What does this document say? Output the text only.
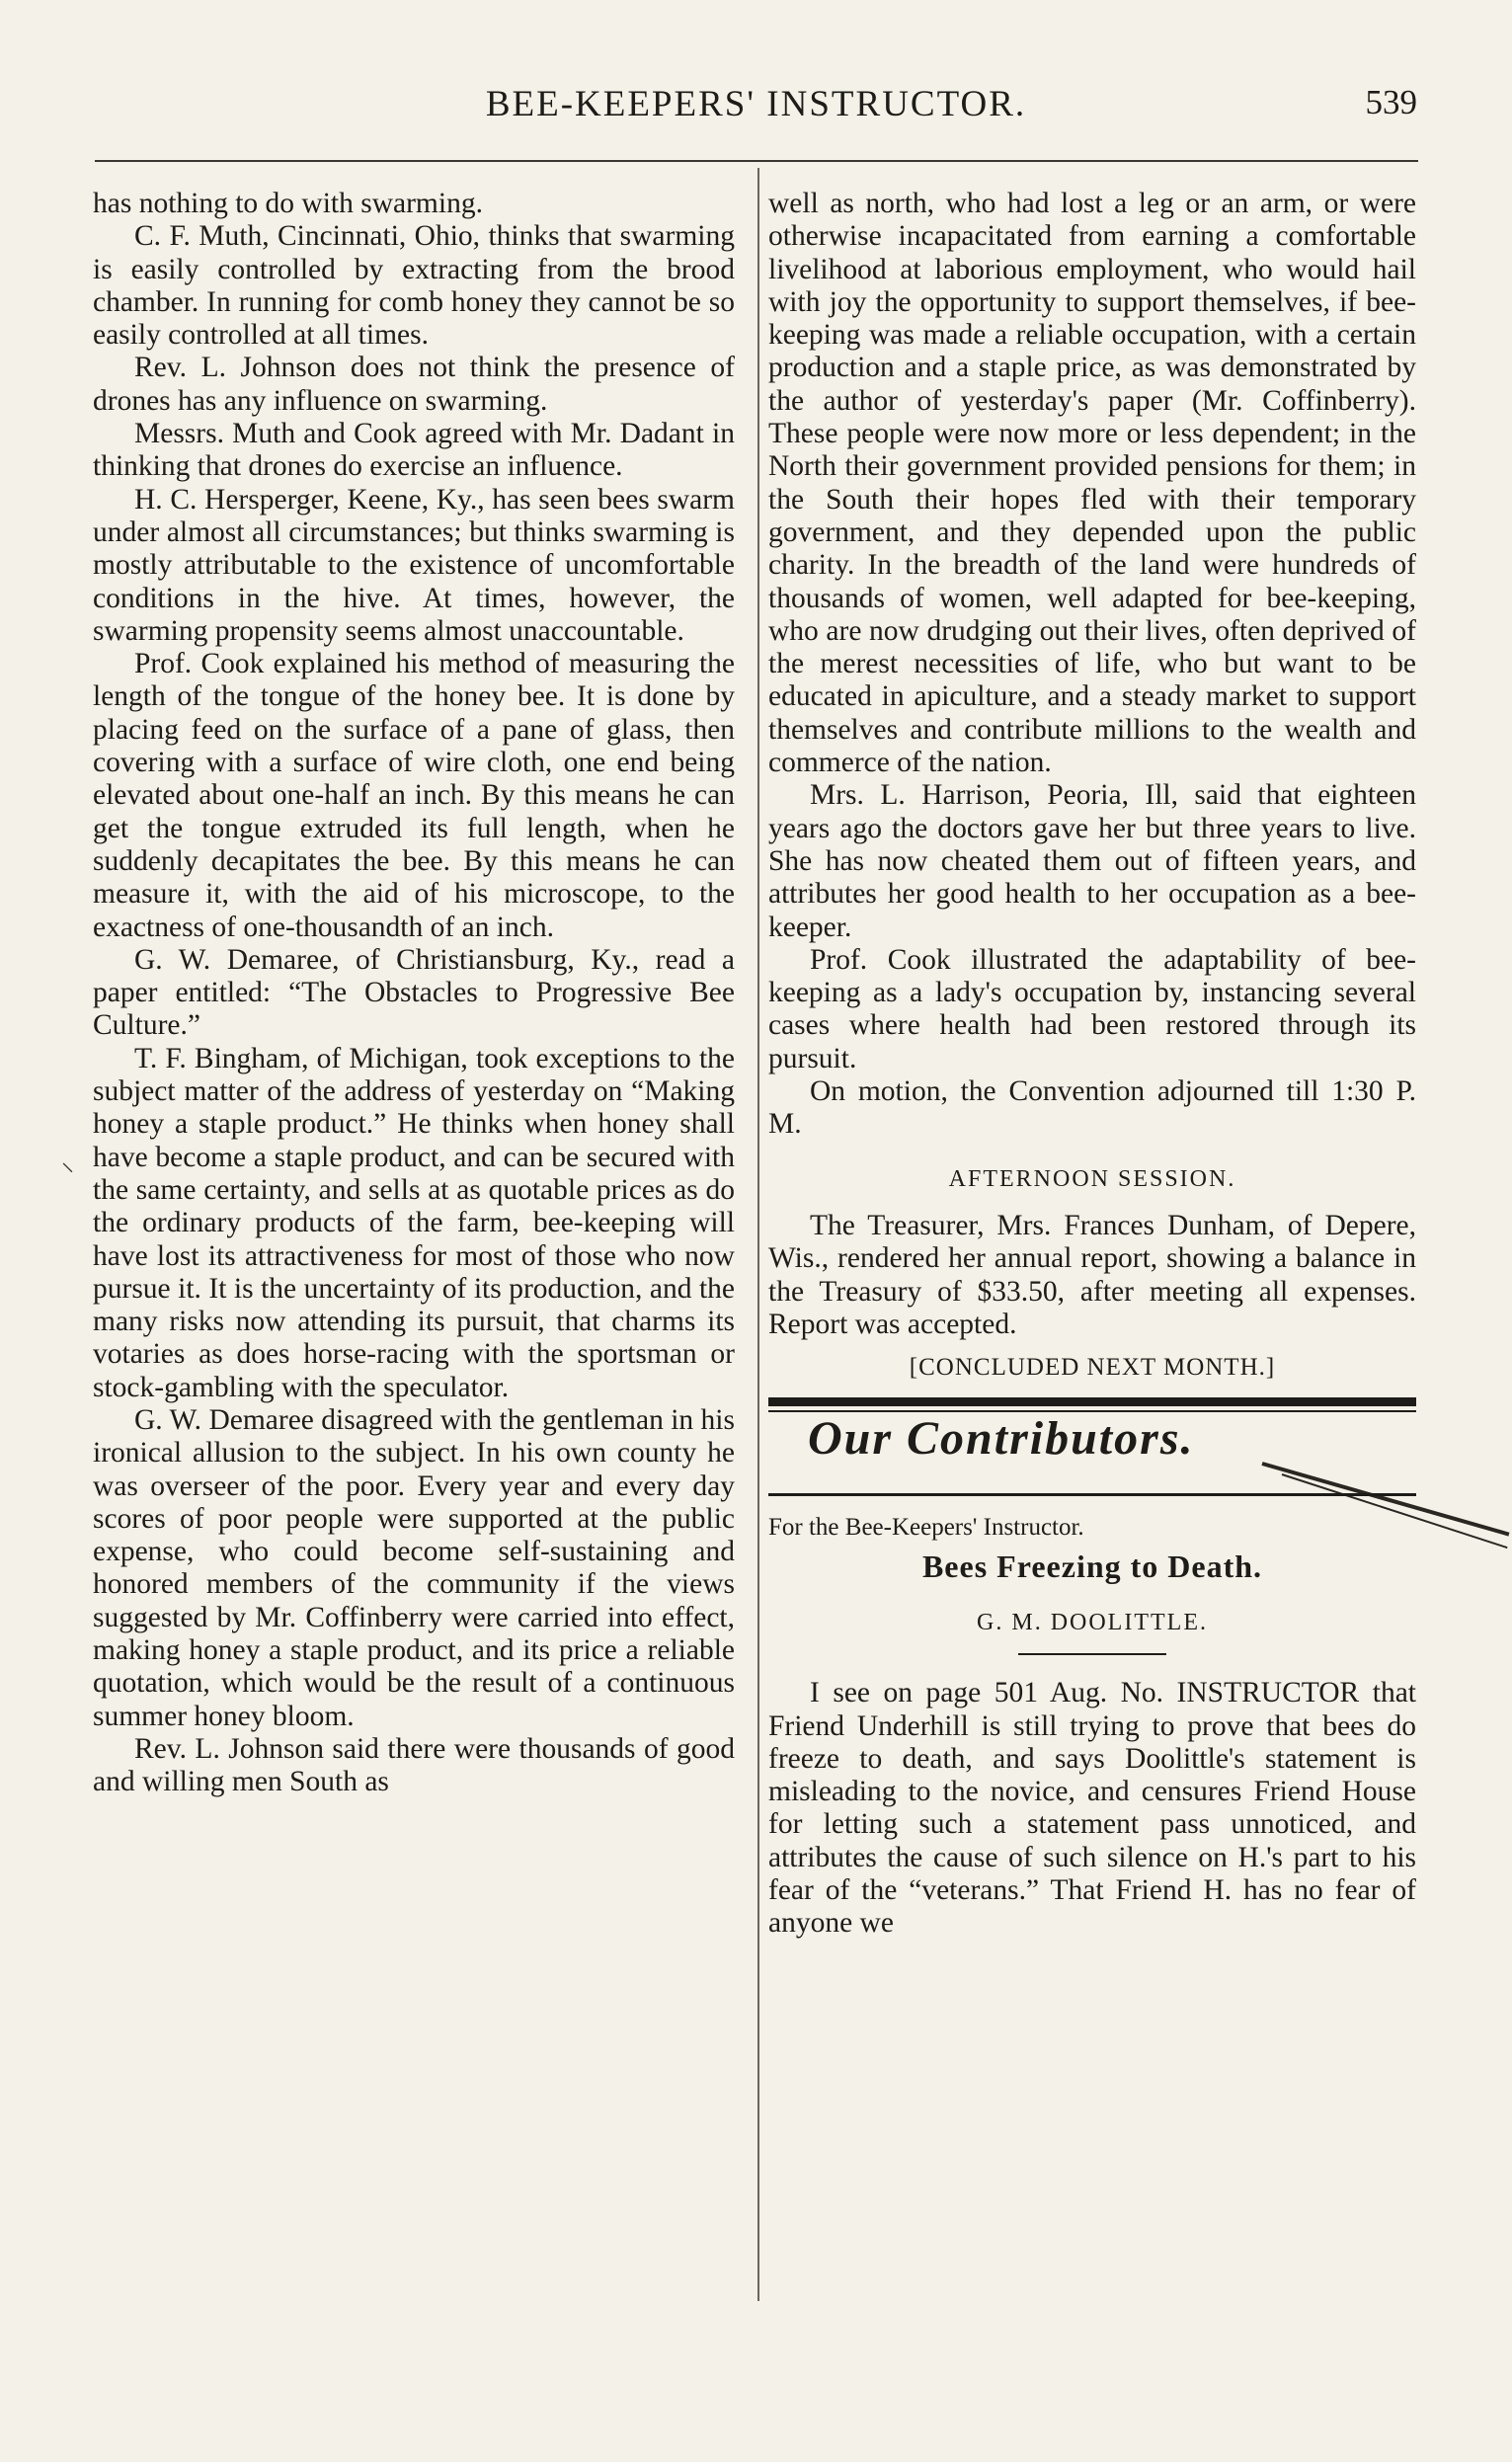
BEE-KEEPERS' INSTRUCTOR.	539
⸌

has nothing to do with swarming.

C. F. Muth, Cincinnati, Ohio, thinks that swarming is easily controlled by extracting from the brood chamber. In running for comb honey they cannot be so easily controlled at all times.

Rev. L. Johnson does not think the presence of drones has any influence on swarming.

Messrs. Muth and Cook agreed with Mr. Dadant in thinking that drones do exercise an influence.

H. C. Hersperger, Keene, Ky., has seen bees swarm under almost all circumstances; but thinks swarming is mostly attributable to the existence of uncomfortable conditions in the hive. At times, however, the swarming propensity seems almost unaccountable.

Prof. Cook explained his method of measuring the length of the tongue of the honey bee. It is done by placing feed on the surface of a pane of glass, then covering with a surface of wire cloth, one end being elevated about one-half an inch. By this means he can get the tongue extruded its full length, when he suddenly decapitates the bee. By this means he can measure it, with the aid of his microscope, to the exactness of one-thousandth of an inch.

G. W. Demaree, of Christiansburg, Ky., read a paper entitled: “The Obstacles to Progressive Bee Culture.”

T. F. Bingham, of Michigan, took exceptions to the subject matter of the address of yesterday on “Making honey a staple product.” He thinks when honey shall have become a staple product, and can be secured with the same certainty, and sells at as quotable prices as do the ordinary products of the farm, bee-keeping will have lost its attractiveness for most of those who now pursue it. It is the uncertainty of its production, and the many risks now attending its pursuit, that charms its votaries as does horse-racing with the sportsman or stock-gambling with the speculator.

G. W. Demaree disagreed with the gentleman in his ironical allusion to the subject. In his own county he was overseer of the poor. Every year and every day scores of poor people were supported at the public expense, who could become self-sustaining and honored members of the community if the views suggested by Mr. Coffinberry were carried into effect, making honey a staple product, and its price a reliable quotation, which would be the result of a continuous summer honey bloom.

Rev. L. Johnson said there were thousands of good and willing men South as

well as north, who had lost a leg or an arm, or were otherwise incapacitated from earning a comfortable livelihood at laborious employment, who would hail with joy the opportunity to support themselves, if bee-keeping was made a reliable occupation, with a certain production and a staple price, as was demonstrated by the author of yesterday's paper (Mr. Coffinberry). These people were now more or less dependent; in the North their government provided pensions for them; in the South their hopes fled with their temporary government, and they depended upon the public charity. In the breadth of the land were hundreds of thousands of women, well adapted for bee-keeping, who are now drudging out their lives, often deprived of the merest necessities of life, who but want to be educated in apiculture, and a steady market to support themselves and contribute millions to the wealth and commerce of the nation.

Mrs. L. Harrison, Peoria, Ill, said that eighteen years ago the doctors gave her but three years to live. She has now cheated them out of fifteen years, and attributes her good health to her occupation as a bee-keeper.

Prof. Cook illustrated the adaptability of bee-keeping as a lady's occupation by, instancing several cases where health had been restored through its pursuit.

On motion, the Convention adjourned till 1:30 P. M.

AFTERNOON SESSION.

The Treasurer, Mrs. Frances Dunham, of Depere, Wis., rendered her annual report, showing a balance in the Treasury of $33.50, after meeting all expenses. Report was accepted.

[CONCLUDED NEXT MONTH.]
Our Contributors.
For the Bee-Keepers' Instructor.
Bees Freezing to Death.
G. M. DOOLITTLE.

I see on page 501 Aug. No. INSTRUCTOR that Friend Underhill is still trying to prove that bees do freeze to death, and says Doolittle's statement is misleading to the novice, and censures Friend House for letting such a statement pass unnoticed, and attributes the cause of such silence on H.'s part to his fear of the “veterans.” That Friend H. has no fear of anyone we
